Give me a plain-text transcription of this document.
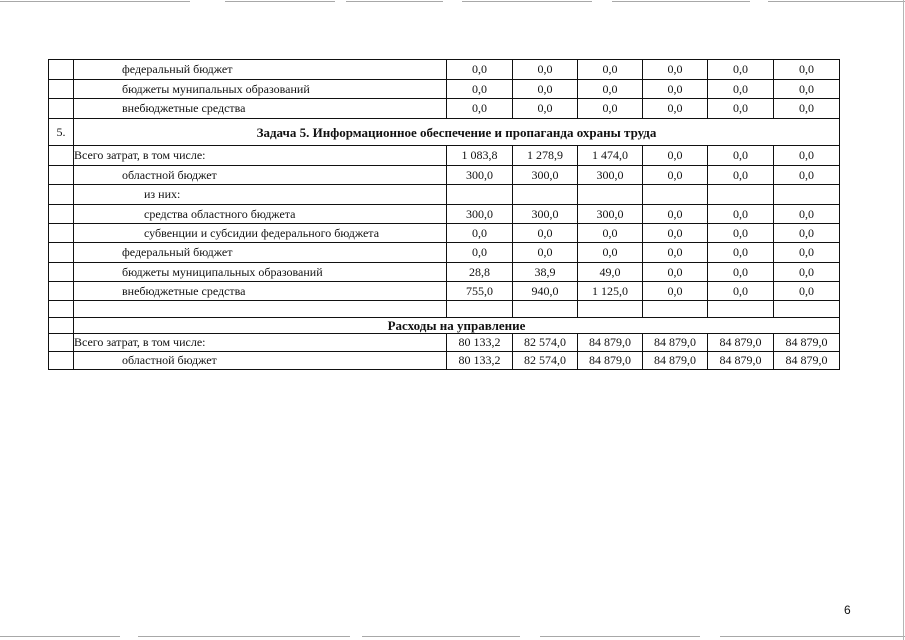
	федеральный бюджет	0,0	0,0	0,0	0,0	0,0	0,0
	бюджеты мунипальных образований	0,0	0,0	0,0	0,0	0,0	0,0
	внебюджетные средства	0,0	0,0	0,0	0,0	0,0	0,0
5.	Задача 5. Информационное обеспечение и пропаганда охраны труда						
	Всего затрат, в том числе:	1 083,8	1 278,9	1 474,0	0,0	0,0	0,0
	областной бюджет	300,0	300,0	300,0	0,0	0,0	0,0
	из них:						
	средства областного бюджета	300,0	300,0	300,0	0,0	0,0	0,0
	субвенции и субсидии федерального бюджета	0,0	0,0	0,0	0,0	0,0	0,0
	федеральный бюджет	0,0	0,0	0,0	0,0	0,0	0,0
	бюджеты муниципальных образований	28,8	38,9	49,0	0,0	0,0	0,0
	внебюджетные средства	755,0	940,0	1 125,0	0,0	0,0	0,0

	Расходы на управление						
	Всего затрат, в том числе:	80 133,2	82 574,0	84 879,0	84 879,0	84 879,0	84 879,0
	областной бюджет	80 133,2	82 574,0	84 879,0	84 879,0	84 879,0	84 879,0
6
